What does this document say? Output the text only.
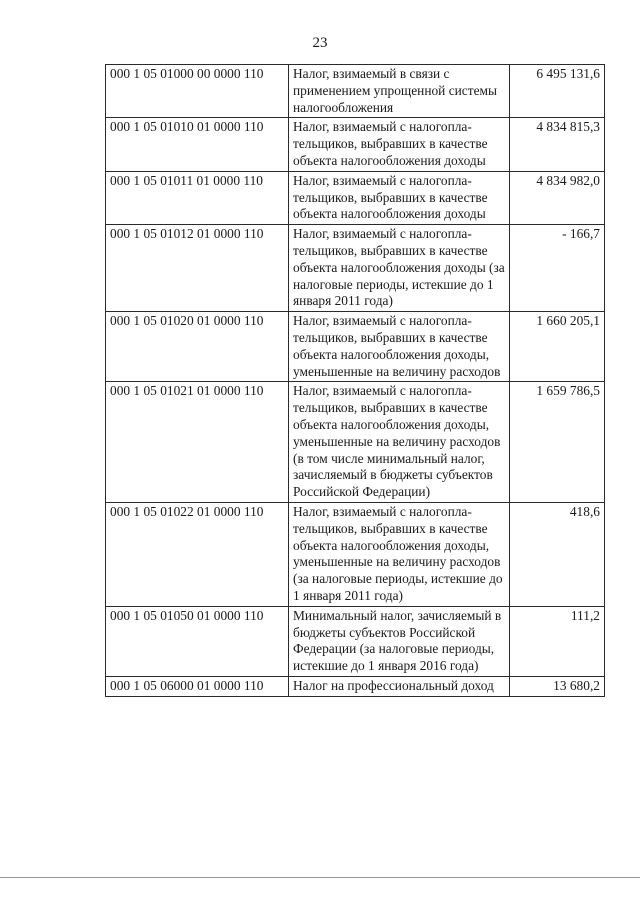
23
000 1 05 01000 00 0000 110	Налог, взимаемый в связи с применением упрощенной системы налогообложения	6 495 131,6
000 1 05 01010 01 0000 110	Налог, взимаемый с налогоплательщиков, выбравших в качестве объекта налогообложения доходы	4 834 815,3
000 1 05 01011 01 0000 110	Налог, взимаемый с налогоплательщиков, выбравших в качестве объекта налогообложения доходы	4 834 982,0
000 1 05 01012 01 0000 110	Налог, взимаемый с налогоплательщиков, выбравших в качестве объекта налогообложения доходы (за налоговые периоды, истекшие до 1 января 2011 года)	- 166,7
000 1 05 01020 01 0000 110	Налог, взимаемый с налогоплательщиков, выбравших в качестве объекта налогообложения доходы, уменьшенные на величину расходов	1 660 205,1
000 1 05 01021 01 0000 110	Налог, взимаемый с налогоплательщиков, выбравших в качестве объекта налогообложения доходы, уменьшенные на величину расходов (в том числе минимальный налог, зачисляемый в бюджеты субъектов Российской Федерации)	1 659 786,5
000 1 05 01022 01 0000 110	Налог, взимаемый с налогоплательщиков, выбравших в качестве объекта налогообложения доходы, уменьшенные на величину расходов (за налоговые периоды, истекшие до 1 января 2011 года)	418,6
000 1 05 01050 01 0000 110	Минимальный налог, зачисляемый в бюджеты субъектов Российской Федерации (за налоговые периоды, истекшие до 1 января 2016 года)	111,2
000 1 05 06000 01 0000 110	Налог на профессиональный доход	13 680,2
